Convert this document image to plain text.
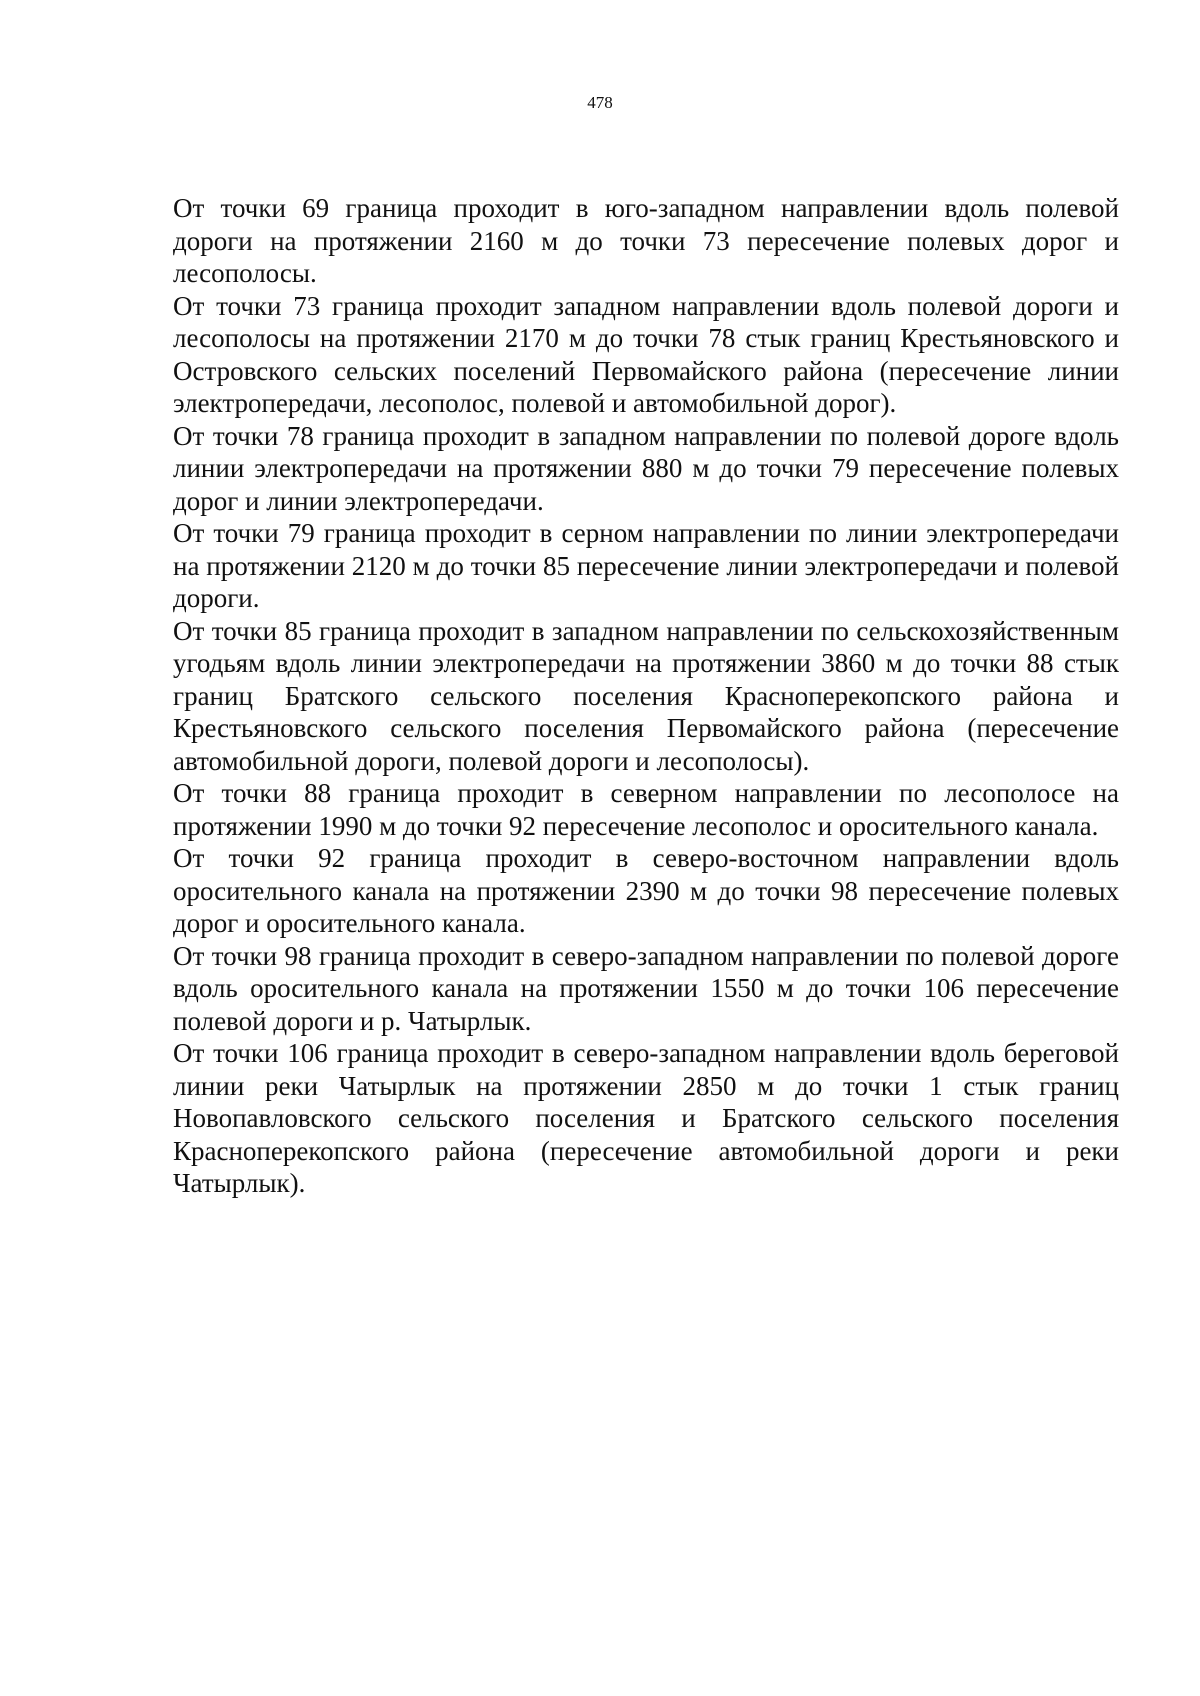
478

От точки 69 граница проходит в юго-западном направлении вдоль полевой дороги на протяжении 2160 м до точки 73 пересечение полевых дорог и лесополосы.

От точки 73 граница проходит западном направлении вдоль полевой дороги и лесополосы на протяжении 2170 м до точки 78 стык границ Крестьяновского и Островского сельских поселений Первомайского района (пересечение линии электропередачи, лесополос, полевой и автомобильной дорог).

От точки 78 граница проходит в западном направлении по полевой дороге вдоль линии электропередачи на протяжении 880 м до точки 79 пересечение полевых дорог и линии электропередачи.

От точки 79 граница проходит в серном направлении по линии электропередачи на протяжении 2120 м до точки 85 пересечение линии электропередачи и полевой дороги.

От точки 85 граница проходит в западном направлении по сельскохозяйственным угодьям вдоль линии электропередачи на протяжении 3860 м до точки 88 стык границ Братского сельского поселения Красноперекопского района и Крестьяновского сельского поселения Первомайского района (пересечение автомобильной дороги, полевой дороги и лесополосы).

От точки 88 граница проходит в северном направлении по лесополосе на протяжении 1990 м до точки 92 пересечение лесополос и оросительного канала.

От точки 92 граница проходит в северо-восточном направлении вдоль оросительного канала на протяжении 2390 м до точки 98 пересечение полевых дорог и оросительного канала.

От точки 98 граница проходит в северо-западном направлении по полевой дороге вдоль оросительного канала на протяжении 1550 м до точки 106 пересечение полевой дороги и р. Чатырлык.

От точки 106 граница проходит в северо-западном направлении вдоль береговой линии реки Чатырлык на протяжении 2850 м до точки 1 стык границ Новопавловского сельского поселения и Братского сельского поселения Красноперекопского района (пересечение автомобильной дороги и реки Чатырлык).
